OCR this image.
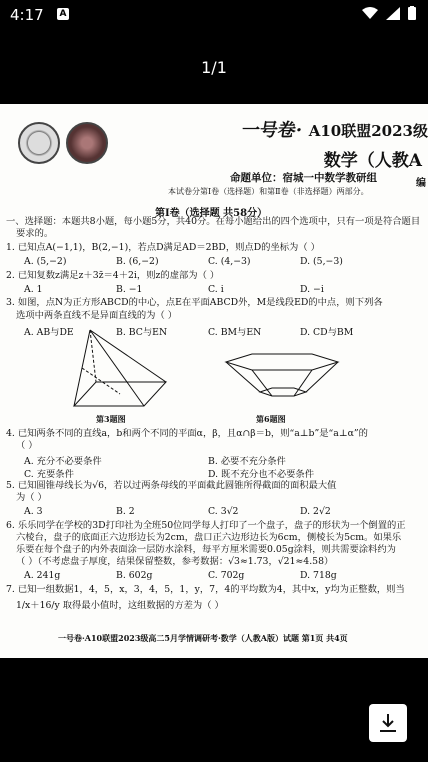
4:17 A
1/1
一号卷· A10联盟2023级
数学（人教A
编
命题单位：宿城一中数学教研组
本试卷分第Ⅰ卷（选择题）和第Ⅱ卷（非选择题）两部分。
第Ⅰ卷（选择题 共58分）
一、选择题：本题共8小题，每小题5分，共40分。在每小题给出的四个选项中，只有一项是符合题目
要求的。
1. 已知点A(−1,1)，B(2,−1)，若点D满足AD＝2BD，则点D的坐标为（ ）
A. (5,−2)	B. (6,−2)	C. (4,−3)	D. (5,−3)
2. 已知复数z满足z＋3z̄＝4＋2i，则z的虚部为（ ）
A. 1	B. −1	C. i	D. −i
3. 如图，点N为正方形ABCD的中心，点E在平面ABCD外，M是线段ED的中点，则下列各
选项中两条直线不是异面直线的为（ ）
A. AB与DE	B. BC与EN	C. BM与EN	D. CD与BM
第3题图	第6题图
4. 已知两条不同的直线a，b和两个不同的平面α，β，且α∩β＝b，则“a⊥b”是“a⊥α”的
（ ）
A. 充分不必要条件	B. 必要不充分条件
C. 充要条件	D. 既不充分也不必要条件
5. 已知圆锥母线长为√6，若以过两条母线的平面截此圆锥所得截面的面积最大值
为（ ）
A. 3	B. 2	C. 3√2	D. 2√2
6. 乐乐同学在学校的3D打印社为全班50位同学每人打印了一个盘子，盘子的形状为一个倒置的正
六棱台，盘子的底面正六边形边长为2cm，盘口正六边形边长为6cm，侧棱长为5cm。如果乐
乐要在每个盘子的内外表面涂一层防水涂料，每平方厘米需要0.05g涂料，则共需要涂料约为
（ ）（不考虑盘子厚度，结果保留整数，参考数据：√3≈1.73，√21≈4.58）
A. 241g	B. 602g	C. 702g	D. 718g
7. 已知一组数据1，4，5，x，3，4，5，1，y，7，4的平均数为4，其中x，y均为正整数，则当
1/x＋16/y 取得最小值时，这组数据的方差为（ ）
一号卷·A10联盟2023级高二5月学情调研考·数学（人教A版）试题 第1页 共4页
